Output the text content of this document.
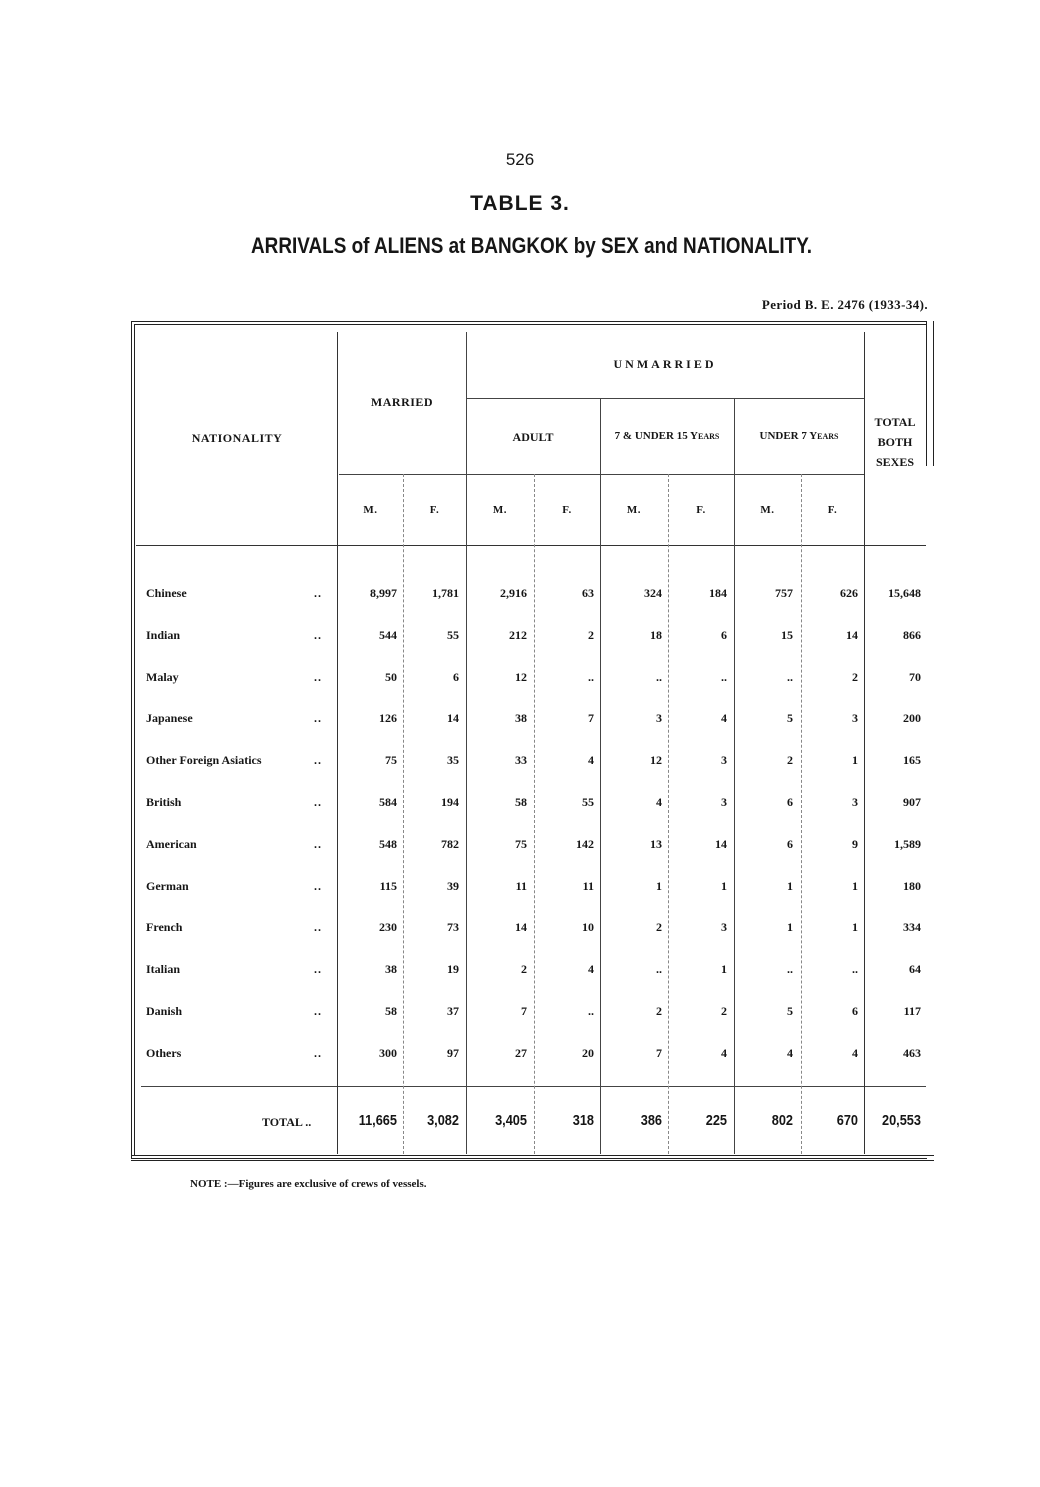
526
TABLE 3.
ARRIVALS of ALIENS at BANGKOK by SEX and NATIONALITY.
Period B. E. 2476 (1933-34).
NATIONALITY
MARRIED
UNMARRIED
ADULT	7 & UNDER 15 Years	UNDER 7 Years
TOTAL
BOTH
SEXES
M.	F.	M.	F.	M.	F.	M.	F.
Chinese	..	8,997	1,781	2,916	63	324	184	757	626	15,648
Indian	..	544	55	212	2	18	6	15	14	866
Malay	..	50	6	12	..	..	..	..	2	70
Japanese	..	126	14	38	7	3	4	5	3	200
Other Foreign Asiatics	..	75	35	33	4	12	3	2	1	165
British	..	584	194	58	55	4	3	6	3	907
American	..	548	782	75	142	13	14	6	9	1,589
German	..	115	39	11	11	1	1	1	1	180
French	..	230	73	14	10	2	3	1	1	334
Italian	..	38	19	2	4	..	1	..	..	64
Danish	..	58	37	7	..	2	2	5	6	117
Others	..	300	97	27	20	7	4	4	4	463
TOTAL ..	11,665	3,082	3,405	318	386	225	802	670	20,553
NOTE :—Figures are exclusive of crews of vessels.
